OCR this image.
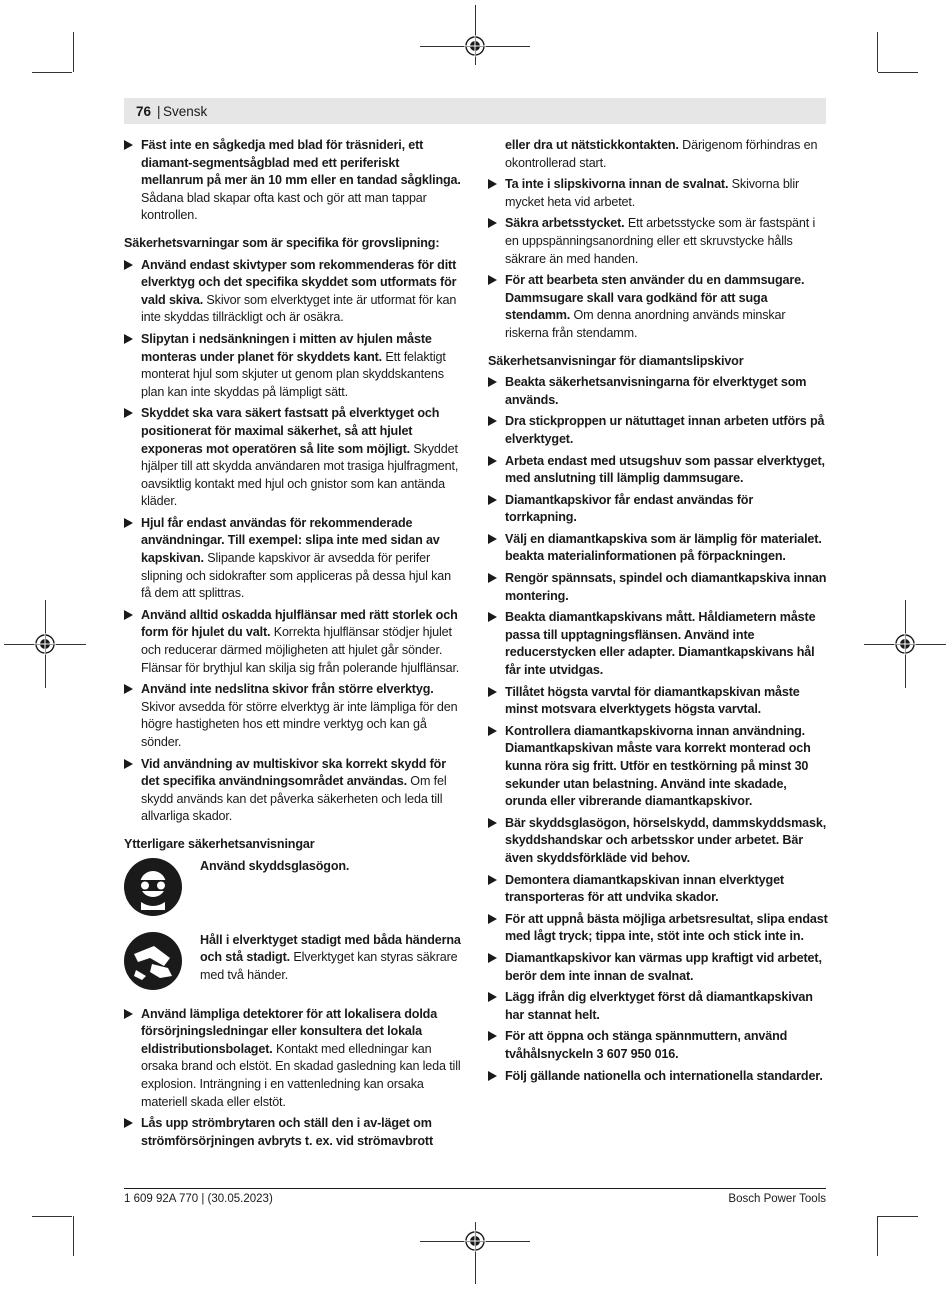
76 | Svensk
Fäst inte en sågkedja med blad för träsnideri, ett diamant-segmentsågblad med ett periferiskt mellanrum på mer än 10 mm eller en tandad sågklinga. Sådana blad skapar ofta kast och gör att man tappar kontrollen.
Säkerhetsvarningar som är specifika för grovslipning:
Använd endast skivtyper som rekommenderas för ditt elverktyg och det specifika skyddet som utformats för vald skiva. Skivor som elverktyget inte är utformat för kan inte skyddas tillräckligt och är osäkra.
Slipytan i nedsänkningen i mitten av hjulen måste monteras under planet för skyddets kant. Ett felaktigt monterat hjul som skjuter ut genom plan skyddskantens plan kan inte skyddas på lämpligt sätt.
Skyddet ska vara säkert fastsatt på elverktyget och positionerat för maximal säkerhet, så att hjulet exponeras mot operatören så lite som möjligt. Skyddet hjälper till att skydda användaren mot trasiga hjulfragment, oavsiktlig kontakt med hjul och gnistor som kan antända kläder.
Hjul får endast användas för rekommenderade användningar. Till exempel: slipa inte med sidan av kapskivan. Slipande kapskivor är avsedda för perifer slipning och sidokrafter som appliceras på dessa hjul kan få dem att splittras.
Använd alltid oskadda hjulflänsar med rätt storlek och form för hjulet du valt. Korrekta hjulflänsar stödjer hjulet och reducerar därmed möjligheten att hjulet går sönder. Flänsar för brythjul kan skilja sig från polerande hjulflänsar.
Använd inte nedslitna skivor från större elverktyg. Skivor avsedda för större elverktyg är inte lämpliga för den högre hastigheten hos ett mindre verktyg och kan gå sönder.
Vid användning av multiskivor ska korrekt skydd för det specifika användningsområdet användas. Om fel skydd används kan det påverka säkerheten och leda till allvarliga skador.
Ytterligare säkerhetsanvisningar
Använd skyddsglasögon.
Håll i elverktyget stadigt med båda händerna och stå stadigt. Elverktyget kan styras säkrare med två händer.
Använd lämpliga detektorer för att lokalisera dolda försörjningsledningar eller konsultera det lokala eldistributionsbolaget. Kontakt med elledningar kan orsaka brand och elstöt. En skadad gasledning kan leda till explosion. Inträngning i en vattenledning kan orsaka materiell skada eller elstöt.
Lås upp strömbrytaren och ställ den i av-läget om strömförsörjningen avbryts t. ex. vid strömavbrott
eller dra ut nätstickkontakten. Därigenom förhindras en okontrollerad start.
Ta inte i slipskivorna innan de svalnat. Skivorna blir mycket heta vid arbetet.
Säkra arbetsstycket. Ett arbetsstycke som är fastspänt i en uppspänningsanordning eller ett skruvstycke hålls säkrare än med handen.
För att bearbeta sten använder du en dammsugare. Dammsugare skall vara godkänd för att suga stendamm. Om denna anordning används minskar riskerna från stendamm.
Säkerhetsanvisningar för diamantslipskivor
Beakta säkerhetsanvisningarna för elverktyget som används.
Dra stickproppen ur nätuttaget innan arbeten utförs på elverktyget.
Arbeta endast med utsugshuv som passar elverktyget, med anslutning till lämplig dammsugare.
Diamantkapskivor får endast användas för torrkapning.
Välj en diamantkapskiva som är lämplig för materialet. beakta materialinformationen på förpackningen.
Rengör spännsats, spindel och diamantkapskiva innan montering.
Beakta diamantkapskivans mått. Håldiametern måste passa till upptagningsflänsen. Använd inte reducerstycken eller adapter. Diamantkapskivans hål får inte utvidgas.
Tillåtet högsta varvtal för diamantkapskivan måste minst motsvara elverktygets högsta varvtal.
Kontrollera diamantkapskivorna innan användning. Diamantkapskivan måste vara korrekt monterad och kunna röra sig fritt. Utför en testkörning på minst 30 sekunder utan belastning. Använd inte skadade, orunda eller vibrerande diamantkapskivor.
Bär skyddsglasögon, hörselskydd, dammskyddsmask, skyddshandskar och arbetsskor under arbetet. Bär även skyddsförkläde vid behov.
Demontera diamantkapskivan innan elverktyget transporteras för att undvika skador.
För att uppnå bästa möjliga arbetsresultat, slipa endast med lågt tryck; tippa inte, stöt inte och stick inte in.
Diamantkapskivor kan värmas upp kraftigt vid arbetet, berör dem inte innan de svalnat.
Lägg ifrån dig elverktyget först då diamantkapskivan har stannat helt.
För att öppna och stänga spännmuttern, använd tvåhålsnyckeln 3 607 950 016.
Följ gällande nationella och internationella standarder.
1 609 92A 770 | (30.05.2023)	Bosch Power Tools
